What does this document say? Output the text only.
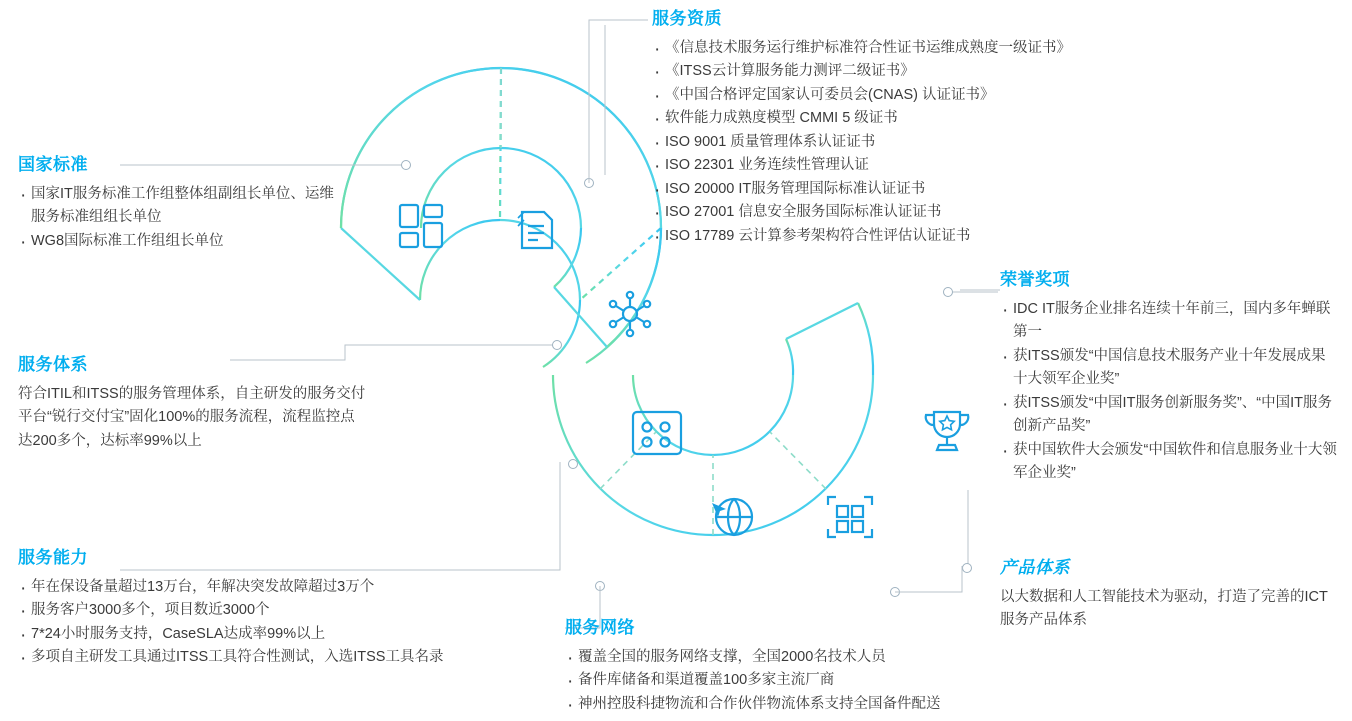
国家标准
· 国家IT服务标准工作组整体组副组长单位、运维服务标准组组长单位
· WG8国际标准工作组组长单位
服务资质
· 《信息技术服务运行维护标准符合性证书运维成熟度一级证书》
· 《ITSS云计算服务能力测评二级证书》
· 《中国合格评定国家认可委员会(CNAS) 认证证书》
· 软件能力成熟度模型 CMMI 5 级证书
· ISO 9001 质量管理体系认证证书
· ISO 22301 业务连续性管理认证
· ISO 20000 IT服务管理国际标准认证证书
· ISO 27001 信息安全服务国际标准认证证书
· ISO 17789 云计算参考架构符合性评估认证证书
荣誉奖项
· IDC IT服务企业排名连续十年前三，国内多年蝉联第一
· 获ITSS颁发“中国信息技术服务产业十年发展成果十大领军企业奖”
· 获ITSS颁发“中国IT服务创新服务奖”、“中国IT服务创新产品奖”
· 获中国软件大会颁发“中国软件和信息服务业十大领军企业奖”
服务体系

符合ITIL和ITSS的服务管理体系，自主研发的服务交付平台“锐行交付宝”固化100%的服务流程，流程监控点达200多个，达标率99%以上

服务能力
· 年在保设备量超过13万台，年解决突发故障超过3万个
· 服务客户3000多个，项目数近3000个
· 7*24小时服务支持，CaseSLA达成率99%以上
· 多项自主研发工具通过ITSS工具符合性测试，入选ITSS工具名录
产品体系

以大数据和人工智能技术为驱动，打造了完善的ICT服务产品体系

服务网络
· 覆盖全国的服务网络支撑，全国2000名技术人员
· 备件库储备和渠道覆盖100多家主流厂商
· 神州控股科捷物流和合作伙伴物流体系支持全国备件配送
